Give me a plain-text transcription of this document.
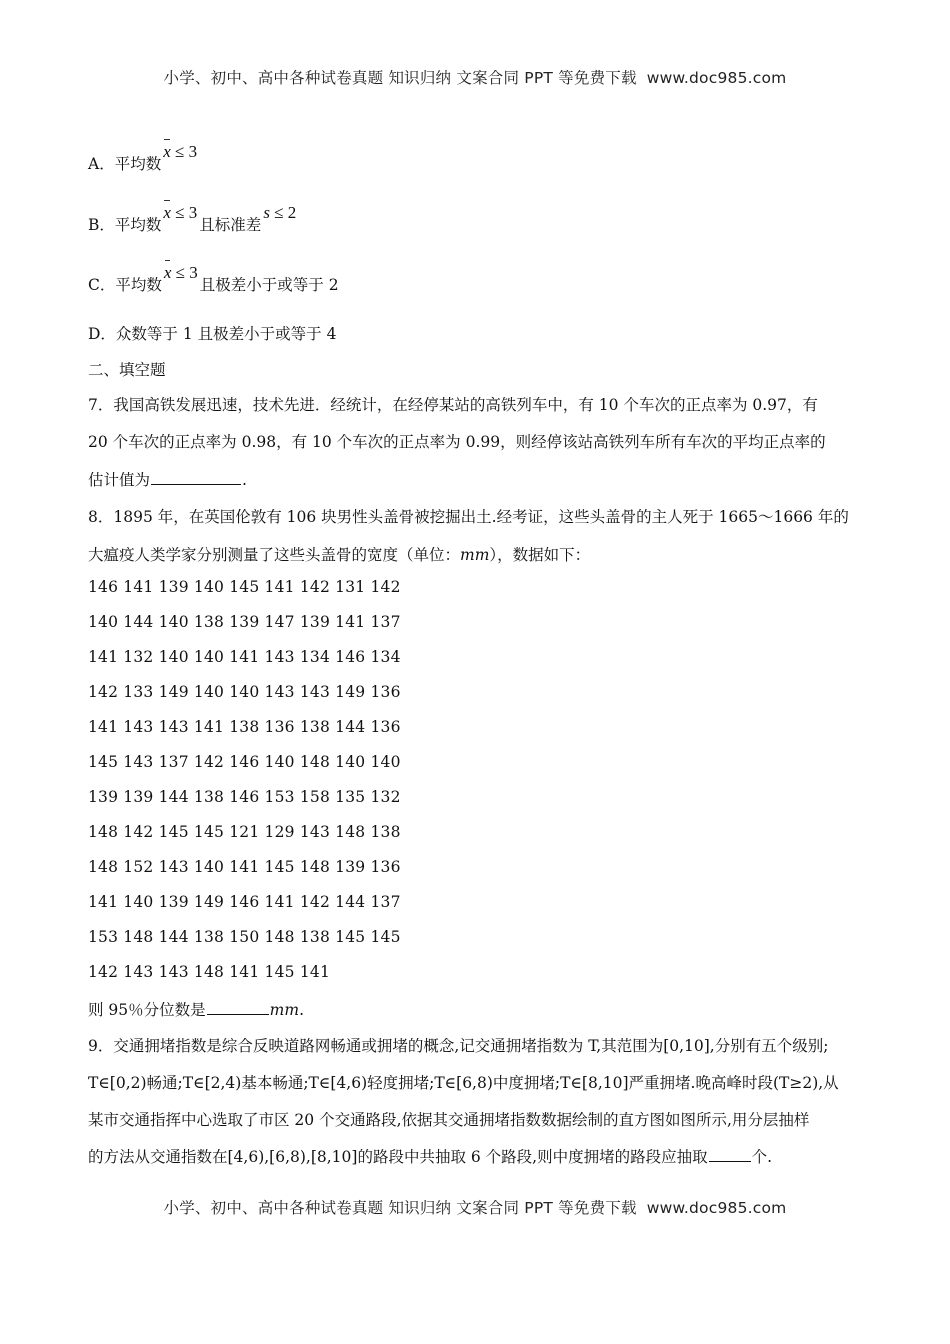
小学、初中、高中各种试卷真题 知识归纳 文案合同 PPT 等免费下载 www.doc985.com
A．平均数x ≤ 3
B．平均数x ≤ 3且标准差s ≤ 2
C．平均数x ≤ 3且极差小于或等于 2
D．众数等于 1 且极差小于或等于 4
二、填空题
7．我国高铁发展迅速，技术先进．经统计，在经停某站的高铁列车中，有 10 个车次的正点率为 0.97，有
20 个车次的正点率为 0.98，有 10 个车次的正点率为 0.99，则经停该站高铁列车所有车次的平均正点率的
估计值为	.
8．1895 年，在英国伦敦有 106 块男性头盖骨被挖掘出土.经考证，这些头盖骨的主人死于 1665～1666 年的
大瘟疫人类学家分别测量了这些头盖骨的宽度（单位：mm），数据如下：
146 141 139 140 145 141 142 131 142
140 144 140 138 139 147 139 141 137
141 132 140 140 141 143 134 146 134
142 133 149 140 140 143 143 149 136
141 143 143 141 138 136 138 144 136
145 143 137 142 146 140 148 140 140
139 139 144 138 146 153 158 135 132
148 142 145 145 121 129 143 148 138
148 152 143 140 141 145 148 139 136
141 140 139 149 146 141 142 144 137
153 148 144 138 150 148 138 145 145
142 143 143 148 141 145 141
则 95％分位数是	mm.
9．交通拥堵指数是综合反映道路网畅通或拥堵的概念,记交通拥堵指数为 T,其范围为[0,10],分别有五个级别;
T∈[0,2)畅通;T∈[2,4)基本畅通;T∈[4,6)轻度拥堵;T∈[6,8)中度拥堵;T∈[8,10]严重拥堵.晚高峰时段(T≥2),从
某市交通指挥中心选取了市区 20 个交通路段,依据其交通拥堵指数数据绘制的直方图如图所示,用分层抽样
的方法从交通指数在[4,6),[6,8),[8,10]的路段中共抽取 6 个路段,则中度拥堵的路段应抽取	个.
小学、初中、高中各种试卷真题 知识归纳 文案合同 PPT 等免费下载 www.doc985.com
